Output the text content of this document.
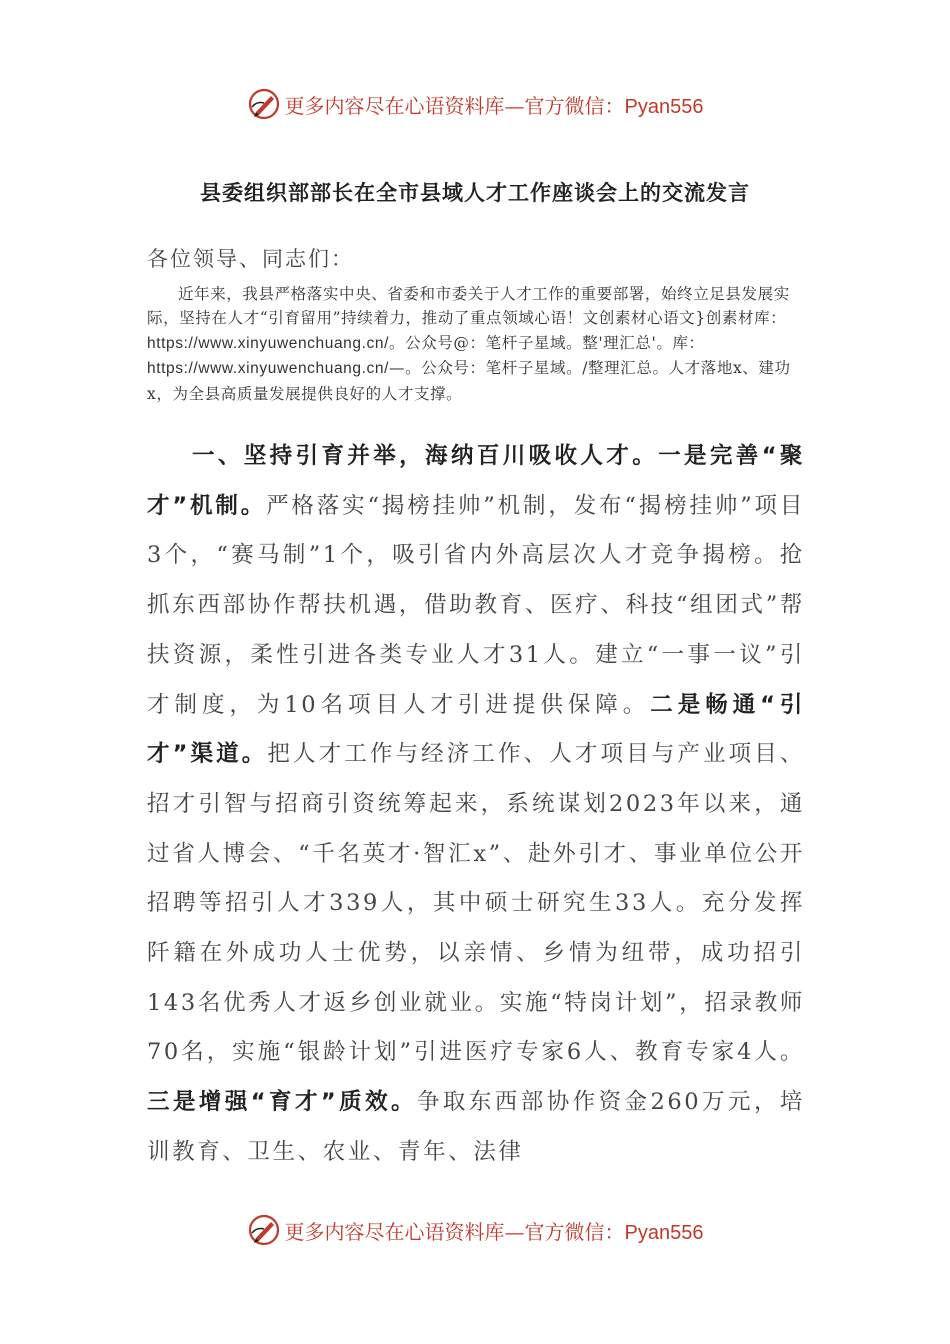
更多内容尽在心语资料库—官方微信：Pyan556
县委组织部部长在全市县域人才工作座谈会上的交流发言
各位领导、同志们：
近年来，我县严格落实中央、省委和市委关于人才工作的重要部署，始终立足县发展实际，坚持在人才“引育留用”持续着力，推动了重点领域心语！文创素材心语文}创素材库：https://www.xinyuwenchuang.cn/。公众号@：笔杆子星域。整'理汇总'。库：https://www.xinyuwenchuang.cn/—。公众号：笔杆子星域。/整理汇总。人才落地x、建功x，为全县高质量发展提供良好的人才支撑。
一、坚持引育并举，海纳百川吸收人才。一是完善“聚才”机制。严格落实“揭榜挂帅”机制，发布“揭榜挂帅”项目3个，“赛马制”1个，吸引省内外高层次人才竞争揭榜。抢抓东西部协作帮扶机遇，借助教育、医疗、科技“组团式”帮扶资源，柔性引进各类专业人才31人。建立“一事一议”引才制度，为10名项目人才引进提供保障。二是畅通“引才”渠道。把人才工作与经济工作、人才项目与产业项目、招才引智与招商引资统筹起来，系统谋划2023年以来，通过省人博会、“千名英才·智汇x”、赴外引才、事业单位公开招聘等招引人才339人，其中硕士研究生33人。充分发挥阡籍在外成功人士优势，以亲情、乡情为纽带，成功招引143名优秀人才返乡创业就业。实施“特岗计划”，招录教师70名，实施“银龄计划”引进医疗专家6人、教育专家4人。三是增强“育才”质效。争取东西部协作资金260万元，培训教育、卫生、农业、青年、法律
更多内容尽在心语资料库—官方微信：Pyan556
